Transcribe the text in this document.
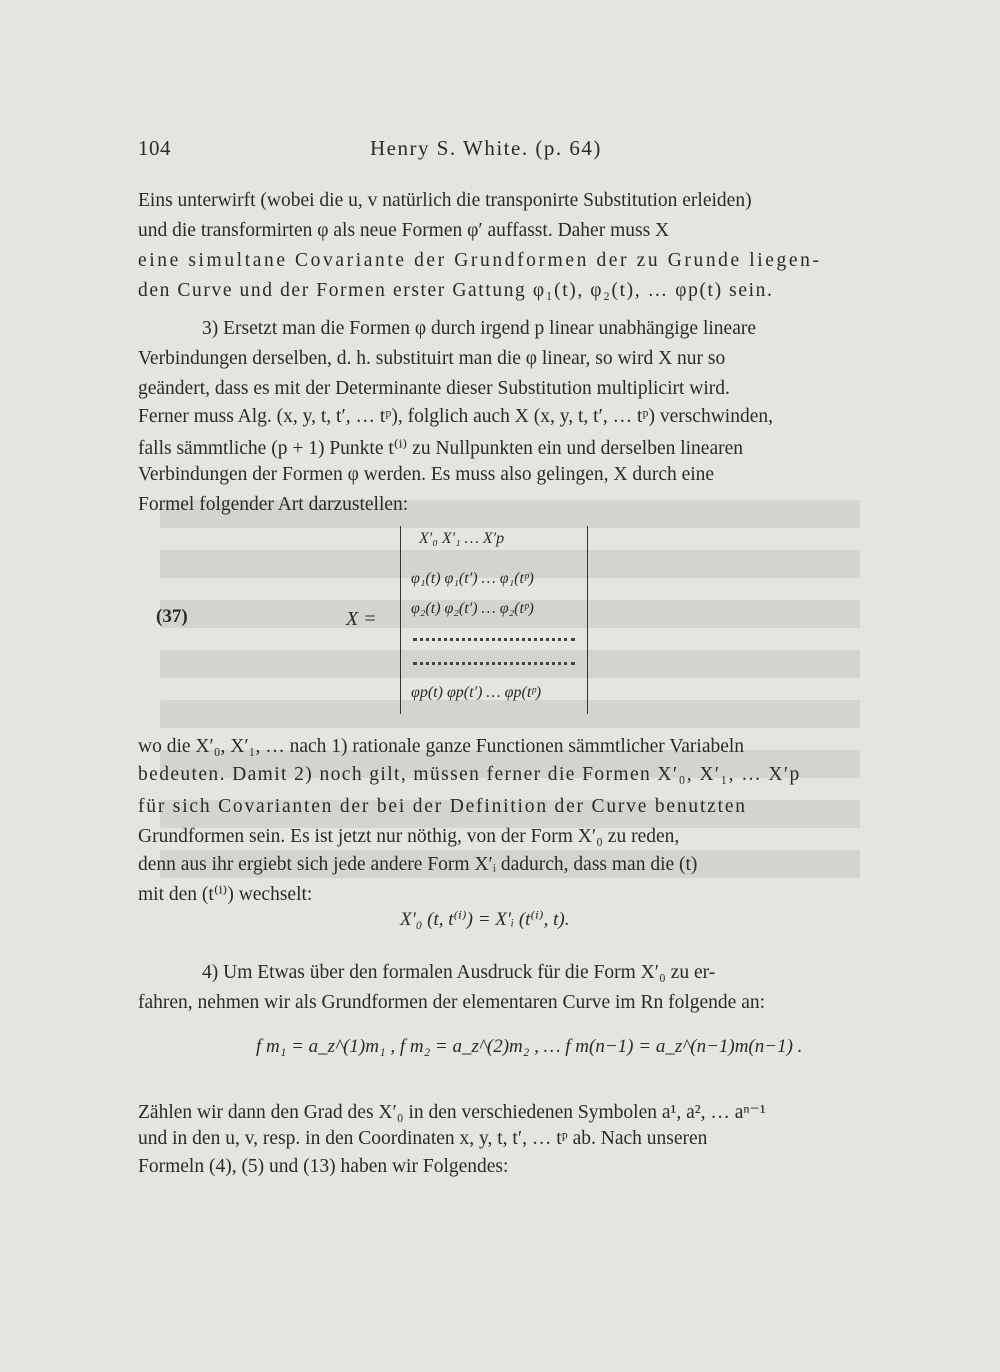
104	Henry S. White. (p. 64)
Eins unterwirft (wobei die u, v natürlich die transponirte Substitution erleiden)
und die transformirten φ als neue Formen φ′ auffasst. Daher muss X
eine simultane Covariante der Grundformen der zu Grunde liegen-
den Curve und der Formen erster Gattung φ₁(t), φ₂(t), … φp(t) sein.
3) Ersetzt man die Formen φ durch irgend p linear unabhängige lineare
Verbindungen derselben, d. h. substituirt man die φ linear, so wird X nur so
geändert, dass es mit der Determinante dieser Substitution multiplicirt wird.
Ferner muss Alg. (x, y, t, t′, … tᵖ), folglich auch X (x, y, t, t′, … tᵖ) verschwinden,
falls sämmtliche (p + 1) Punkte t⁽ⁱ⁾ zu Nullpunkten ein und derselben linearen
Verbindungen der Formen φ werden. Es muss also gelingen, X durch eine
Formel folgender Art darzustellen:
(37)	X =
X′₀ X′₁ … X′p
φ₁(t) φ₁(t′) … φ₁(tᵖ)
φ₂(t) φ₂(t′) … φ₂(tᵖ)
φp(t) φp(t′) … φp(tᵖ)
wo die X′₀, X′₁, … nach 1) rationale ganze Functionen sämmtlicher Variabeln
bedeuten. Damit 2) noch gilt, müssen ferner die Formen X′₀, X′₁, … X′p
für sich Covarianten der bei der Definition der Curve benutzten
Grundformen sein. Es ist jetzt nur nöthig, von der Form X′₀ zu reden,
denn aus ihr ergiebt sich jede andere Form X′ᵢ dadurch, dass man die (t)
mit den (t⁽ⁱ⁾) wechselt:
X′₀ (t, t⁽ⁱ⁾) = X′ᵢ (t⁽ⁱ⁾, t).
4) Um Etwas über den formalen Ausdruck für die Form X′₀ zu er-
fahren, nehmen wir als Grundformen der elementaren Curve im Rn folgende an:
f m₁ = a_z^(1)m₁ , f m₂ = a_z^(2)m₂ , … f m(n−1) = a_z^(n−1)m(n−1) .
Zählen wir dann den Grad des X′₀ in den verschiedenen Symbolen a¹, a², … aⁿ⁻¹
und in den u, v, resp. in den Coordinaten x, y, t, t′, … tᵖ ab. Nach unseren
Formeln (4), (5) und (13) haben wir Folgendes:
